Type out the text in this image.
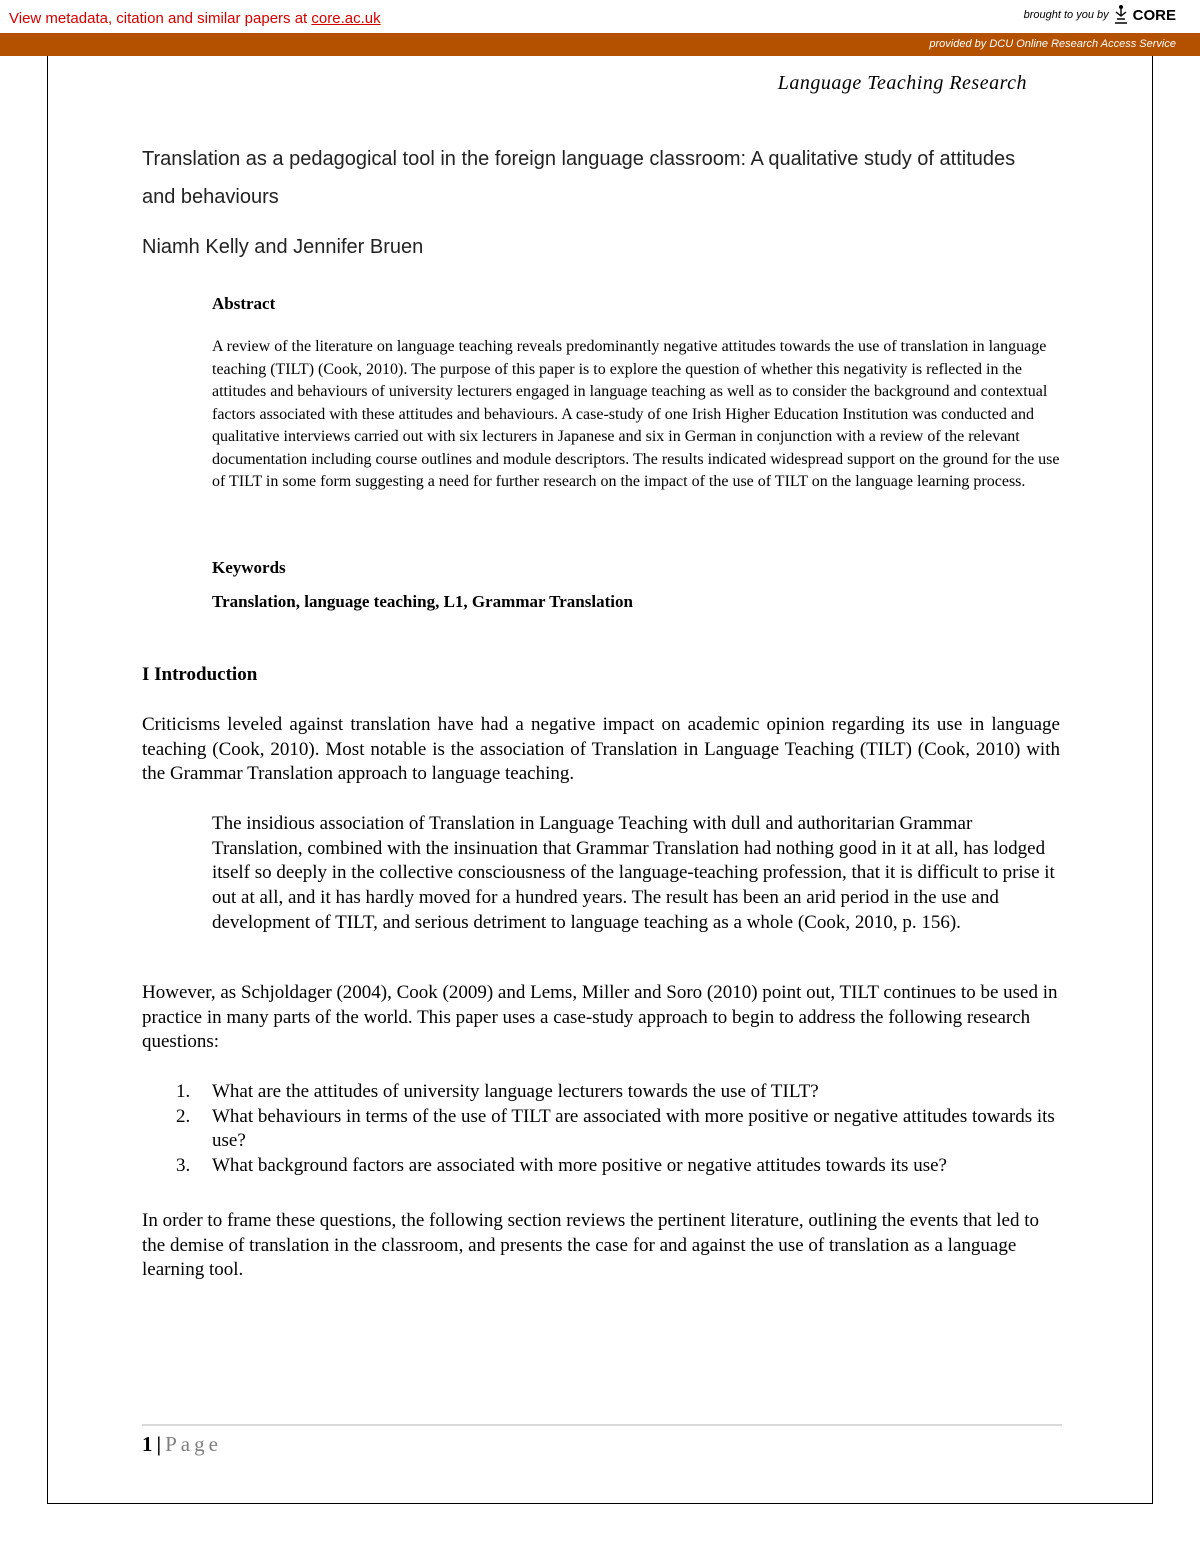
View metadata, citation and similar papers at core.ac.uk	brought to you by CORE
provided by DCU Online Research Access Service
Language Teaching Research
Translation as a pedagogical tool in the foreign language classroom: A qualitative study of attitudes and behaviours
Niamh Kelly and Jennifer Bruen
Abstract
A review of the literature on language teaching reveals predominantly negative attitudes towards the use of translation in language teaching (TILT) (Cook, 2010). The purpose of this paper is to explore the question of whether this negativity is reflected in the attitudes and behaviours of university lecturers engaged in language teaching as well as to consider the background and contextual factors associated with these attitudes and behaviours. A case-study of one Irish Higher Education Institution was conducted and qualitative interviews carried out with six lecturers in Japanese and six in German in conjunction with a review of the relevant documentation including course outlines and module descriptors. The results indicated widespread support on the ground for the use of TILT in some form suggesting a need for further research on the impact of the use of TILT on the language learning process.
Keywords
Translation, language teaching, L1, Grammar Translation
I Introduction
Criticisms leveled against translation have had a negative impact on academic opinion regarding its use in language teaching (Cook, 2010). Most notable is the association of Translation in Language Teaching (TILT) (Cook, 2010) with the Grammar Translation approach to language teaching.
The insidious association of Translation in Language Teaching with dull and authoritarian Grammar Translation, combined with the insinuation that Grammar Translation had nothing good in it at all, has lodged itself so deeply in the collective consciousness of the language-teaching profession, that it is difficult to prise it out at all, and it has hardly moved for a hundred years. The result has been an arid period in the use and development of TILT, and serious detriment to language teaching as a whole (Cook, 2010, p. 156).
However, as Schjoldager (2004), Cook (2009) and Lems, Miller and Soro (2010) point out, TILT continues to be used in practice in many parts of the world. This paper uses a case-study approach to begin to address the following research questions:
1. What are the attitudes of university language lecturers towards the use of TILT?
2. What behaviours in terms of the use of TILT are associated with more positive or negative attitudes towards its use?
3. What background factors are associated with more positive or negative attitudes towards its use?
In order to frame these questions, the following section reviews the pertinent literature, outlining the events that led to the demise of translation in the classroom, and presents the case for and against the use of translation as a language learning tool.
1 | Page
